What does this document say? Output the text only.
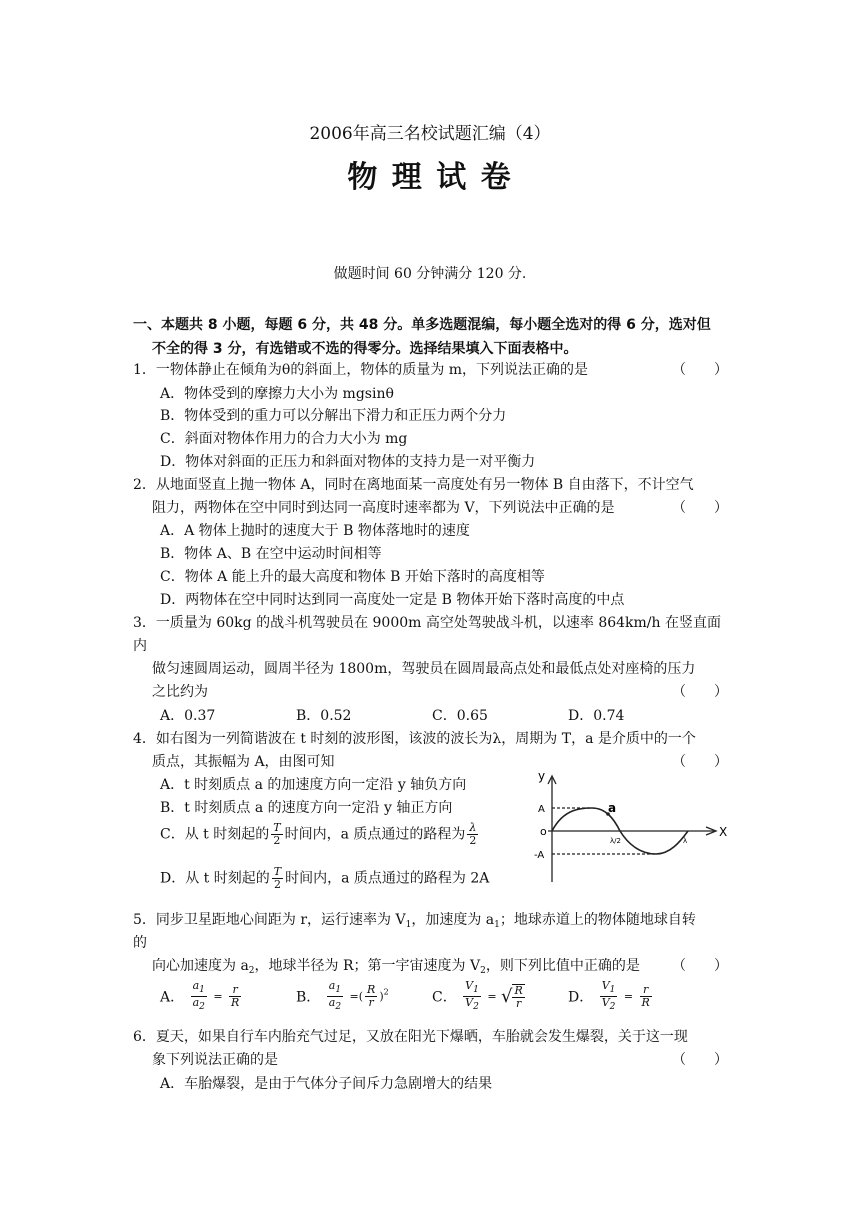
2006年高三名校试题汇编（4）
物 理 试 卷
做题时间 60 分钟满分 120 分.
一、本题共 8 小题，每题 6 分，共 48 分。单多选题混编，每小题全选对的得 6 分，选对但
不全的得 3 分，有选错或不选的得零分。选择结果填入下面表格中。
1．一物体静止在倾角为θ的斜面上，物体的质量为 m，下列说法正确的是	（　　）
A．物体受到的摩擦力大小为 mgsinθ
B．物体受到的重力可以分解出下滑力和正压力两个分力
C．斜面对物体作用力的合力大小为 mg
D．物体对斜面的正压力和斜面对物体的支持力是一对平衡力
2．从地面竖直上抛一物体 A，同时在离地面某一高度处有另一物体 B 自由落下，不计空气
阻力，两物体在空中同时到达同一高度时速率都为 V，下列说法中正确的是	（　　）
A．A 物体上抛时的速度大于 B 物体落地时的速度
B．物体 A、B 在空中运动时间相等
C．物体 A 能上升的最大高度和物体 B 开始下落时的高度相等
D．两物体在空中同时达到同一高度处一定是 B 物体开始下落时高度的中点
3．一质量为 60kg 的战斗机驾驶员在 9000m 高空处驾驶战斗机，以速率 864km/h 在竖直面
内
做匀速圆周运动，圆周半径为 1800m，驾驶员在圆周最高点处和最低点处对座椅的压力
之比约为	（　　）
A．0.37	B．0.52	C．0.65	D．0.74
4．如右图为一列简谐波在 t 时刻的波形图，该波的波长为λ，周期为 T，a 是介质中的一个
质点，其振幅为 A，由图可知	（　　）
A．t 时刻质点 a 的加速度方向一定沿 y 轴负方向
B．t 时刻质点 a 的速度方向一定沿 y 轴正方向
C．从 t 时刻起的 $\frac{T}{2}$ 时间内，a 质点通过的路程为 $\frac{\lambda}{2}$
D．从 t 时刻起的 $\frac{T}{2}$ 时间内，a 质点通过的路程为 2A
y
X
A
o
-A
a
λ/2	λ
5．同步卫星距地心间距为 r，运行速率为 $V_1$，加速度为 $a_1$；地球赤道上的物体随地球自转
的
向心加速度为 $a_2$，地球半径为 R；第一宇宙速度为 $V_2$，则下列比值中正确的是 （　　）
A． $\frac{a_1}{a_2} = \frac{r}{R}$	B． $\frac{a_1}{a_2}$ =( $\frac{R}{r} )^2$	C． $\frac{V_1}{V_2}$ = √ $\frac{R}{r}$	D． $\frac{V_1}{V_2} = \frac{r}{R}$
6．夏天，如果自行车内胎充气过足，又放在阳光下爆晒，车胎就会发生爆裂，关于这一现
象下列说法正确的是	（　　）
A．车胎爆裂，是由于气体分子间斥力急剧增大的结果
